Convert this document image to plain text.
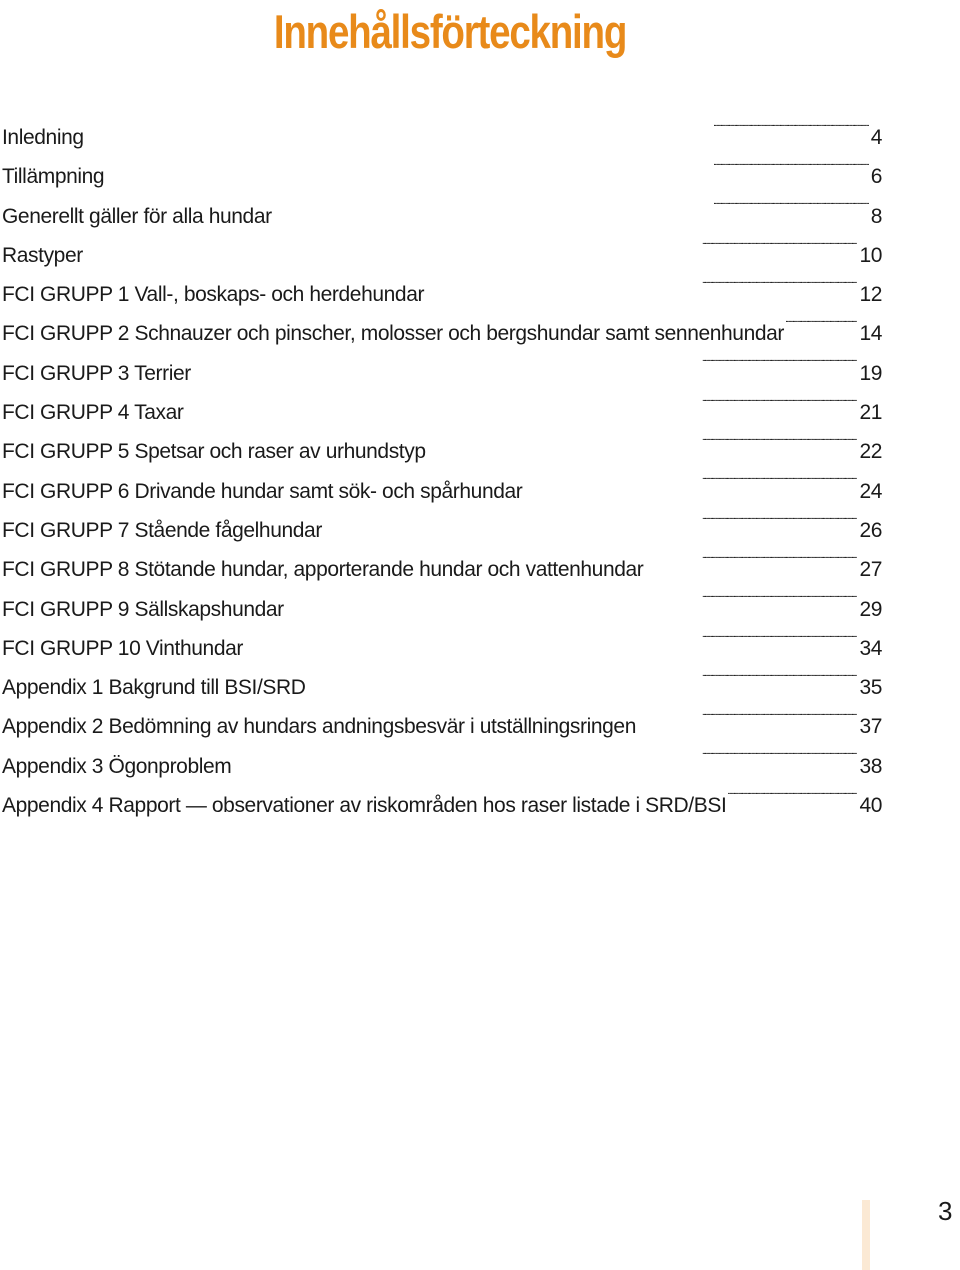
Innehållsförteckning
Inledning . . .	4
Tillämpning . . .	6
Generellt gäller för alla hundar . . .	8
Rastyper . . .	10
FCI GRUPP 1 Vall-, boskaps- och herdehundar . . .	12
FCI GRUPP 2 Schnauzer och pinscher, molosser och bergshundar samt sennenhundar . . .	14
FCI GRUPP 3 Terrier . . .	19
FCI GRUPP 4 Taxar . . .	21
FCI GRUPP 5 Spetsar och raser av urhundstyp . . .	22
FCI GRUPP 6 Drivande hundar samt sök- och spårhundar . . .	24
FCI GRUPP 7 Stående fågelhundar . . .	26
FCI GRUPP 8 Stötande hundar, apporterande hundar och vattenhundar . . .	27
FCI GRUPP 9 Sällskapshundar . . .	29
FCI GRUPP 10 Vinthundar . . .	34
Appendix 1 Bakgrund till BSI/SRD . . .	35
Appendix 2 Bedömning av hundars andningsbesvär i utställningsringen . . .	37
Appendix 3 Ögonproblem . . .	38
Appendix 4 Rapport — observationer av riskområden hos raser listade i SRD/BSI . . .	40
3
